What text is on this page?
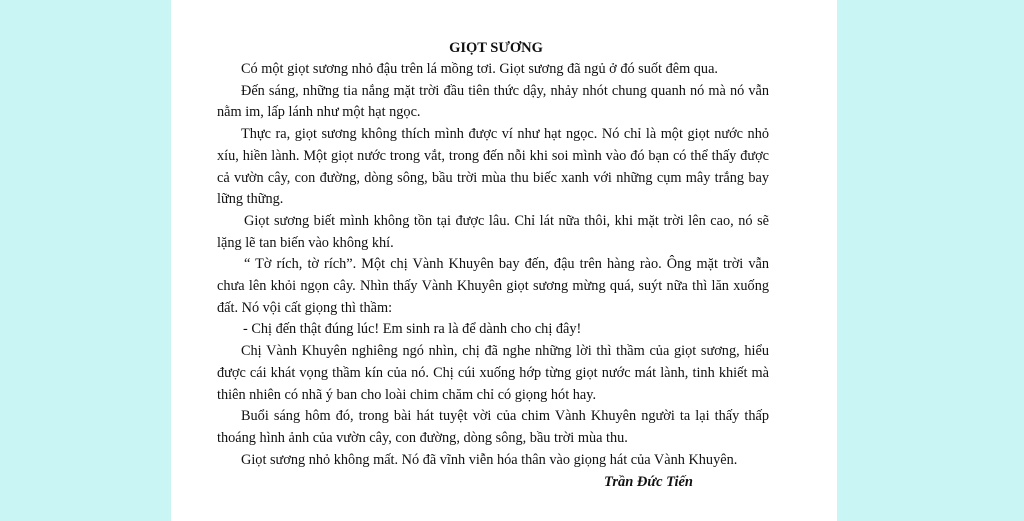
GIỌT SƯƠNG

Có một giọt sương nhỏ đậu trên lá mồng tơi. Giọt sương đã ngủ ở đó suốt đêm qua.

Đến sáng, những tia nắng mặt trời đầu tiên thức dậy, nhảy nhót chung quanh nó mà nó vẫn nằm im, lấp lánh như một hạt ngọc.

Thực ra, giọt sương không thích mình được ví như hạt ngọc. Nó chỉ là một giọt nước nhỏ xíu, hiền lành. Một giọt nước trong vắt, trong đến nỗi khi soi mình vào đó bạn có thể thấy được cả vườn cây, con đường, dòng sông, bầu trời mùa thu biếc xanh với những cụm mây trắng bay lững thững.

Giọt sương biết mình không tồn tại được lâu. Chỉ lát nữa thôi, khi mặt trời lên cao, nó sẽ lặng lẽ tan biến vào không khí.

“ Tờ rích, tờ rích”. Một chị Vành Khuyên bay đến, đậu trên hàng rào. Ông mặt trời vẫn chưa lên khỏi ngọn cây. Nhìn thấy Vành Khuyên giọt sương mừng quá, suýt nữa thì lăn xuống đất. Nó vội cất giọng thì thầm:

- Chị đến thật đúng lúc! Em sinh ra là để dành cho chị đây!

Chị Vành Khuyên nghiêng ngó nhìn, chị đã nghe những lời thì thầm của giọt sương, hiểu được cái khát vọng thầm kín của nó. Chị cúi xuống hớp từng giọt nước mát lành, tinh khiết mà thiên nhiên có nhã ý ban cho loài chim chăm chỉ có giọng hót hay.

Buổi sáng hôm đó, trong bài hát tuyệt vời của chim Vành Khuyên người ta lại thấy thấp thoáng hình ảnh của vườn cây, con đường, dòng sông, bầu trời mùa thu.

Giọt sương nhỏ không mất. Nó đã vĩnh viễn hóa thân vào giọng hát của Vành Khuyên.

Trần Đức Tiến
